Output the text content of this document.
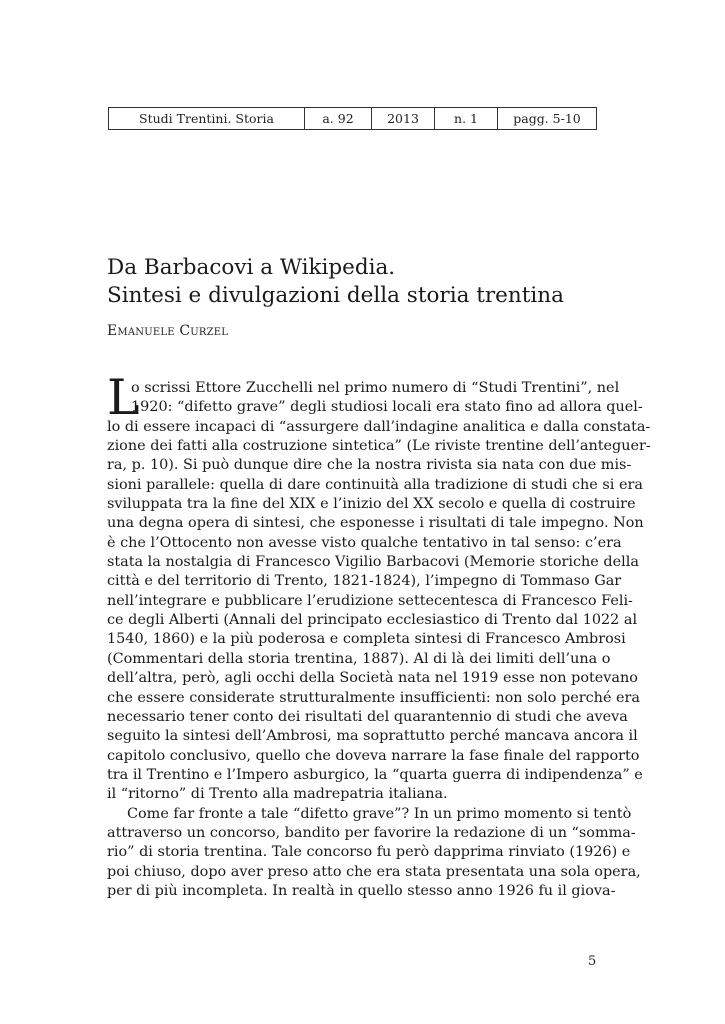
Studi Trentini. Storia	a. 92	2013	n. 1	pagg. 5-10
Da Barbacovi a Wikipedia.
Sintesi e divulgazioni della storia trentina
Emanuele Curzel
L
o scrissi Ettore Zucchelli nel primo numero di “Studi Trentini”, nel
1920: “difetto grave” degli studiosi locali era stato fino ad allora quel-
lo di essere incapaci di “assurgere dall’indagine analitica e dalla constata-
zione dei fatti alla costruzione sintetica” (Le riviste trentine dell’anteguer-
ra, p. 10). Si può dunque dire che la nostra rivista sia nata con due mis-
sioni parallele: quella di dare continuità alla tradizione di studi che si era
sviluppata tra la fine del XIX e l’inizio del XX secolo e quella di costruire
una degna opera di sintesi, che esponesse i risultati di tale impegno. Non
è che l’Ottocento non avesse visto qualche tentativo in tal senso: c’era
stata la nostalgia di Francesco Vigilio Barbacovi (Memorie storiche della
città e del territorio di Trento, 1821-1824), l’impegno di Tommaso Gar
nell’integrare e pubblicare l’erudizione settecentesca di Francesco Feli-
ce degli Alberti (Annali del principato ecclesiastico di Trento dal 1022 al
1540, 1860) e la più poderosa e completa sintesi di Francesco Ambrosi
(Commentari della storia trentina, 1887). Al di là dei limiti dell’una o
dell’altra, però, agli occhi della Società nata nel 1919 esse non potevano
che essere considerate strutturalmente insufficienti: non solo perché era
necessario tener conto dei risultati del quarantennio di studi che aveva
seguito la sintesi dell’Ambrosi, ma soprattutto perché mancava ancora il
capitolo conclusivo, quello che doveva narrare la fase finale del rapporto
tra il Trentino e l’Impero asburgico, la “quarta guerra di indipendenza” e
il “ritorno” di Trento alla madrepatria italiana.
Come far fronte a tale “difetto grave”? In un primo momento si tentò
attraverso un concorso, bandito per favorire la redazione di un “somma-
rio” di storia trentina. Tale concorso fu però dapprima rinviato (1926) e
poi chiuso, dopo aver preso atto che era stata presentata una sola opera,
per di più incompleta. In realtà in quello stesso anno 1926 fu il giova-
5
